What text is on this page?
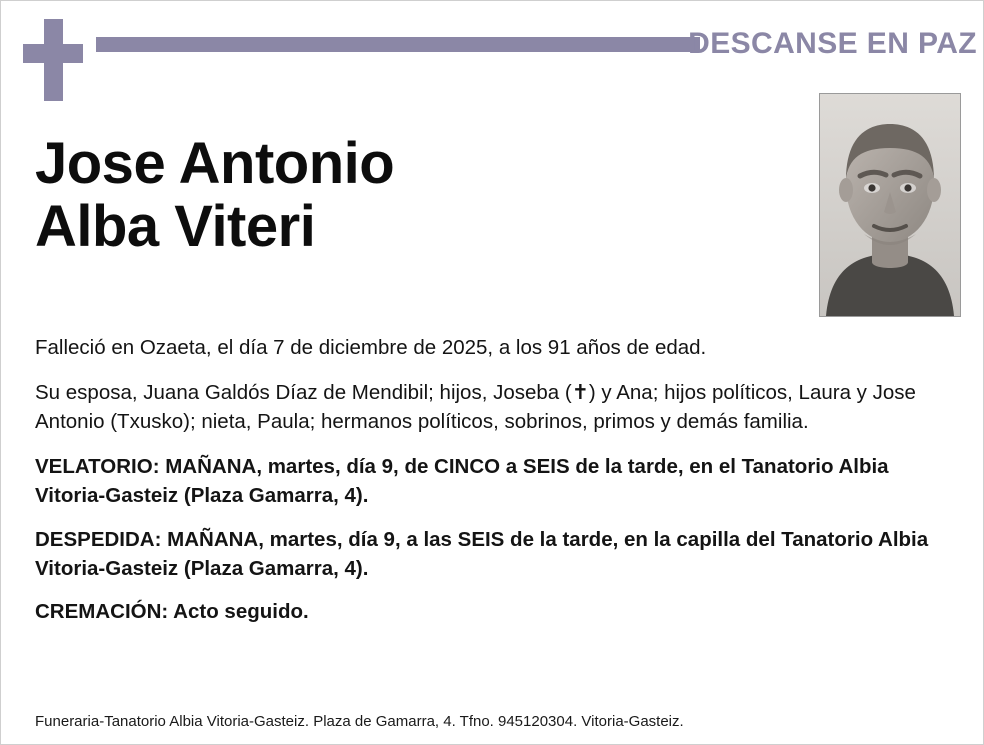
DESCANSE EN PAZ
Jose Antonio
Alba Viteri

Falleció en Ozaeta, el día 7 de diciembre de 2025, a los 91 años de edad.

Su esposa, Juana Galdós Díaz de Mendibil; hijos, Joseba (✝) y Ana; hijos políticos, Laura y Jose Antonio (Txusko); nieta, Paula; hermanos políticos, sobrinos, primos y demás familia.

VELATORIO: MAÑANA, martes, día 9, de CINCO a SEIS de la tarde, en el Tanatorio Albia Vitoria-Gasteiz (Plaza Gamarra, 4).

DESPEDIDA: MAÑANA, martes, día 9, a las SEIS de la tarde, en la capilla del Tanatorio Albia Vitoria-Gasteiz (Plaza Gamarra, 4).

CREMACIÓN: Acto seguido.

Funeraria-Tanatorio Albia Vitoria-Gasteiz. Plaza de Gamarra, 4. Tfno. 945120304. Vitoria-Gasteiz.
